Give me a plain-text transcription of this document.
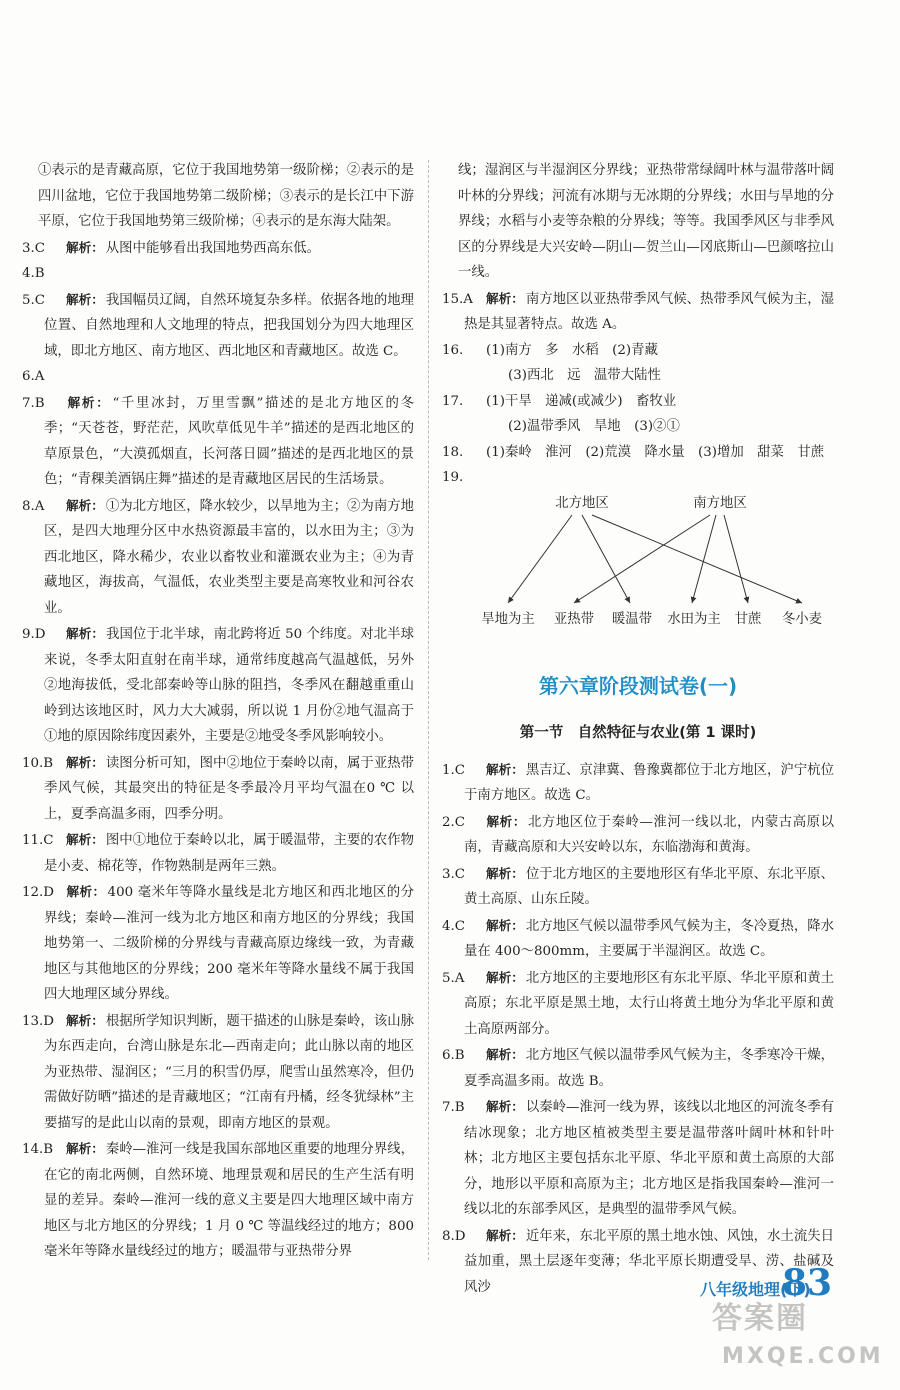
①表示的是青藏高原，它位于我国地势第一级阶梯；②表示的是四川盆地，它位于我国地势第二级阶梯；③表示的是长江中下游平原，它位于我国地势第三级阶梯；④表示的是东海大陆架。

3.C 解析： 从图中能够看出我国地势西高东低。

4.B

5.C 解析： 我国幅员辽阔，自然环境复杂多样。依据各地的地理位置、自然地理和人文地理的特点，把我国划分为四大地理区域，即北方地区、南方地区、西北地区和青藏地区。故选 C。

6.A

7.B 解析： “千里冰封，万里雪飘”描述的是北方地区的冬季；“天苍苍，野茫茫，风吹草低见牛羊”描述的是西北地区的草原景色，“大漠孤烟直，长河落日圆”描述的是西北地区的景色；“青稞美酒锅庄舞”描述的是青藏地区居民的生活场景。

8.A 解析： ①为北方地区，降水较少，以旱地为主；②为南方地区，是四大地理分区中水热资源最丰富的，以水田为主；③为西北地区，降水稀少，农业以畜牧业和灌溉农业为主；④为青藏地区，海拔高，气温低，农业类型主要是高寒牧业和河谷农业。

9.D 解析： 我国位于北半球，南北跨将近 50 个纬度。对北半球来说，冬季太阳直射在南半球，通常纬度越高气温越低，另外②地海拔低，受北部秦岭等山脉的阻挡，冬季风在翻越重重山岭到达该地区时，风力大大减弱，所以说 1 月份②地气温高于①地的原因除纬度因素外，主要是②地受冬季风影响较小。

10.B 解析： 读图分析可知，图中②地位于秦岭以南，属于亚热带季风气候，其最突出的特征是冬季最冷月平均气温在0 ℃ 以上，夏季高温多雨，四季分明。

11.C 解析： 图中①地位于秦岭以北，属于暖温带，主要的农作物是小麦、棉花等，作物熟制是两年三熟。

12.D 解析： 400 毫米年等降水量线是北方地区和西北地区的分界线；秦岭—淮河一线为北方地区和南方地区的分界线；我国地势第一、二级阶梯的分界线与青藏高原边缘线一致，为青藏地区与其他地区的分界线；200 毫米年等降水量线不属于我国四大地理区域分界线。

13.D 解析： 根据所学知识判断，题干描述的山脉是秦岭，该山脉为东西走向，台湾山脉是东北—西南走向；此山脉以南的地区为亚热带、湿润区；“三月的积雪仍厚，爬雪山虽然寒冷，但仍需做好防晒”描述的是青藏地区；“江南有丹橘，经冬犹绿林”主要描写的是此山以南的景观，即南方地区的景观。

14.B 解析： 秦岭—淮河一线是我国东部地区重要的地理分界线，在它的南北两侧，自然环境、地理景观和居民的生产生活有明显的差异。秦岭—淮河一线的意义主要是四大地理区域中南方地区与北方地区的分界线；1 月 0 ℃ 等温线经过的地方；800 毫米年等降水量线经过的地方；暖温带与亚热带分界

线；湿润区与半湿润区分界线；亚热带常绿阔叶林与温带落叶阔叶林的分界线；河流有冰期与无冰期的分界线；水田与旱地的分界线；水稻与小麦等杂粮的分界线；等等。我国季风区与非季风区的分界线是大兴安岭—阴山—贺兰山—冈底斯山—巴颜喀拉山一线。

15.A 解析： 南方地区以亚热带季风气候、热带季风气候为主，湿热是其显著特点。故选 A。

16. (1)南方　 多　 水稻　 (2)青藏
(3)西北　 远　 温带大陆性

17. (1)干旱　 递减(或减少)　 畜牧业
(2)温带季风　 旱地　 (3)②①

18. (1)秦岭　 淮河　 (2)荒漠　 降水量　 (3)增加　 甜菜　 甘蔗

19.

北方地区	南方地区
旱地为主 亚热带 暖温带 水田为主 甘蔗 冬小麦
第六章阶段测试卷(一)
第一节　自然特征与农业(第 1 课时)

1.C 解析： 黑吉辽、京津冀、鲁豫冀都位于北方地区，沪宁杭位于南方地区。故选 C。

2.C 解析： 北方地区位于秦岭—淮河一线以北，内蒙古高原以南，青藏高原和大兴安岭以东，东临渤海和黄海。

3.C 解析： 位于北方地区的主要地形区有华北平原、东北平原、黄土高原、山东丘陵。

4.C 解析： 北方地区气候以温带季风气候为主，冬冷夏热，降水量在 400～800mm，主要属于半湿润区。故选 C。

5.A 解析： 北方地区的主要地形区有东北平原、华北平原和黄土高原；东北平原是黑土地，太行山将黄土地分为华北平原和黄土高原两部分。

6.B 解析： 北方地区气候以温带季风气候为主，冬季寒冷干燥，夏季高温多雨。故选 B。

7.B 解析： 以秦岭—淮河一线为界，该线以北地区的河流冬季有结冰现象；北方地区植被类型主要是温带落叶阔叶林和针叶林；北方地区主要包括东北平原、华北平原和黄土高原的大部分，地形以平原和高原为主；北方地区是指我国秦岭—淮河一线以北的东部季风区，是典型的温带季风气候。

8.D 解析： 近年来，东北平原的黑土地水蚀、风蚀，水土流失日益加重，黑土层逐年变薄；华北平原长期遭受旱、涝、盐碱及风沙	八年级地理(下)
83
答案圈
MXQE.COM
